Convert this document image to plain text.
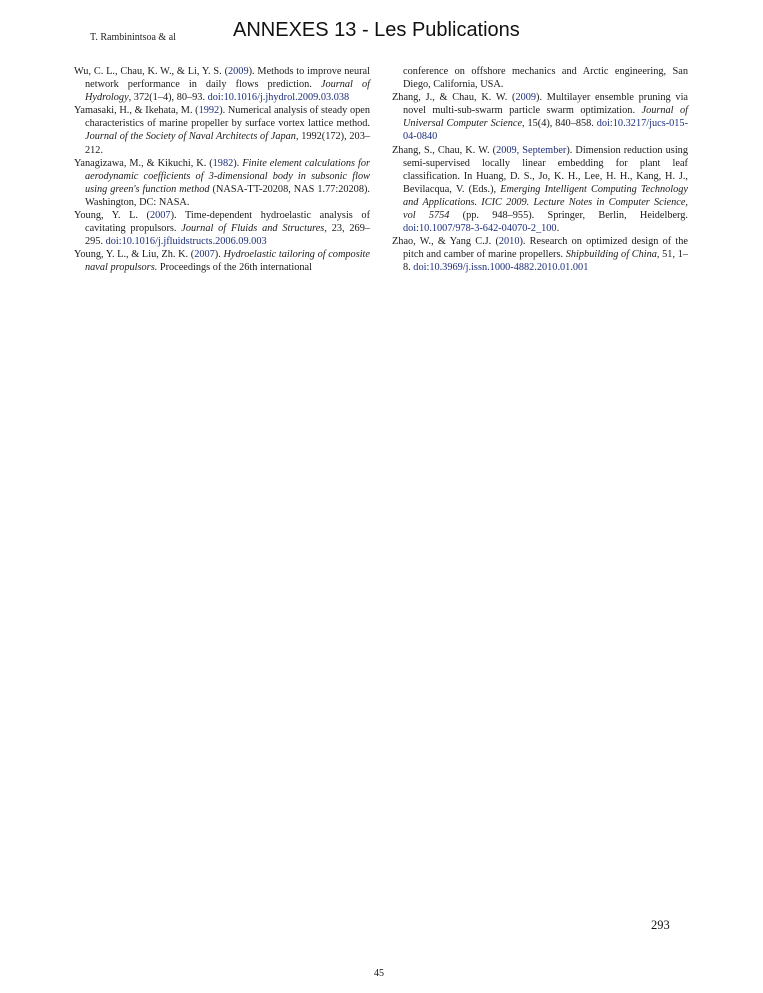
T. Rambinintsoa & al	ANNEXES 13 - Les Publications

Wu, C. L., Chau, K. W., & Li, Y. S. (2009). Methods to improve neural network performance in daily flows prediction. Journal of Hydrology, 372(1–4), 80–93. doi:10.1016/j.jhydrol.2009.03.038

Yamasaki, H., & Ikehata, M. (1992). Numerical analysis of steady open characteristics of marine propeller by surface vortex lattice method. Journal of the Society of Naval Architects of Japan, 1992(172), 203–212.

Yanagizawa, M., & Kikuchi, K. (1982). Finite element calculations for aerodynamic coefficients of 3-dimensional body in subsonic flow using green's function method (NASA-TT-20208, NAS 1.77:20208). Washington, DC: NASA.

Young, Y. L. (2007). Time-dependent hydroelastic analysis of cavitating propulsors. Journal of Fluids and Structures, 23, 269–295. doi:10.1016/j.jfluidstructs.2006.09.003

Young, Y. L., & Liu, Zh. K. (2007). Hydroelastic tailoring of composite naval propulsors. Proceedings of the 26th international

conference on offshore mechanics and Arctic engineering, San Diego, California, USA.

Zhang, J., & Chau, K. W. (2009). Multilayer ensemble pruning via novel multi-sub-swarm particle swarm optimization. Journal of Universal Computer Science, 15(4), 840–858. doi:10.3217/jucs-015-04-0840

Zhang, S., Chau, K. W. (2009, September). Dimension reduction using semi-supervised locally linear embedding for plant leaf classification. In Huang, D. S., Jo, K. H., Lee, H. H., Kang, H. J., Bevilacqua, V. (Eds.), Emerging Intelligent Computing Technology and Applications. ICIC 2009. Lecture Notes in Computer Science, vol 5754 (pp. 948–955). Springer, Berlin, Heidelberg. doi:10.1007/978-3-642-04070-2_100.

Zhao, W., & Yang C.J. (2010). Research on optimized design of the pitch and camber of marine propellers. Shipbuilding of China, 51, 1–8. doi:10.3969/j.issn.1000-4882.2010.01.001

293
45
